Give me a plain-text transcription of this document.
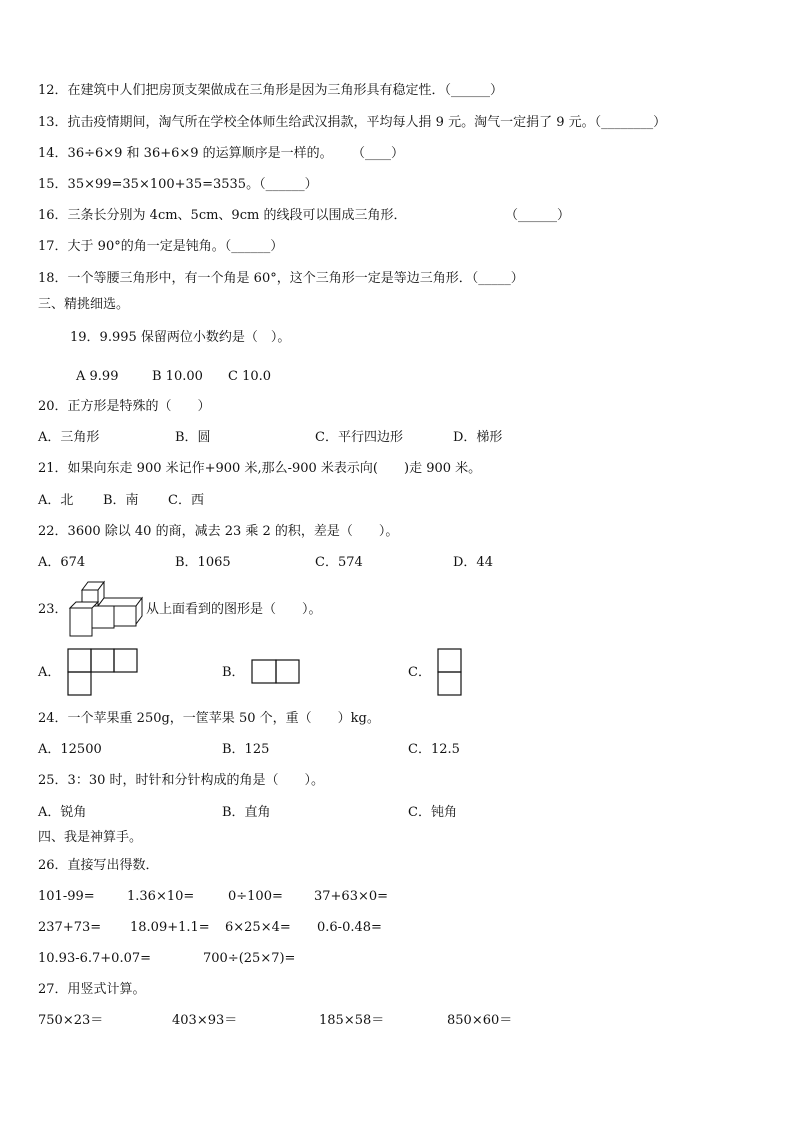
12．在建筑中人们把房顶支架做成在三角形是因为三角形具有稳定性．（______）
13．抗击疫情期间，淘气所在学校全体师生给武汉捐款，平均每人捐 9 元。淘气一定捐了 9 元。（________）
14．36÷6×9 和 36+6×9 的运算顺序是一样的。 （____）
15．35×99=35×100+35=3535。（______）
16．三条长分别为 4cm、5cm、9cm 的线段可以围成三角形．	（______）
17．大于 90°的角一定是钝角。（______）
18．一个等腰三角形中，有一个角是 60°，这个三角形一定是等边三角形．（_____）
三、精挑细选。
19．9.995 保留两位小数约是（　）。
A 9.99	B 10.00 C 10.0
20．正方形是特殊的（　　）
A．三角形	B．圆	C．平行四边形	D．梯形
21．如果向东走 900 米记作+900 米,那么-900 米表示向(　　)走 900 米。
A．北 B．南 C．西
22．3600 除以 40 的商，减去 23 乘 2 的积，差是（　　）。
A．674	B．1065	C．574	D．44
23．	从上面看到的图形是（　　）。
A．	B．	C．
24．一个苹果重 250g，一筐苹果 50 个，重（　　）kg。
A．12500	B．125	C．12.5
25．3：30 时，时针和分针构成的角是（　　）。
A．锐角	B．直角	C．钝角
四、我是神算手。
26．直接写出得数．
101-99= 1.36×10=	0÷100= 37+63×0=
237+73= 18.09+1.1= 6×25×4= 0.6-0.48=
10.93-6.7+0.07=	700÷(25×7)=
27．用竖式计算。
750×23＝	403×93＝	185×58＝	850×60＝
